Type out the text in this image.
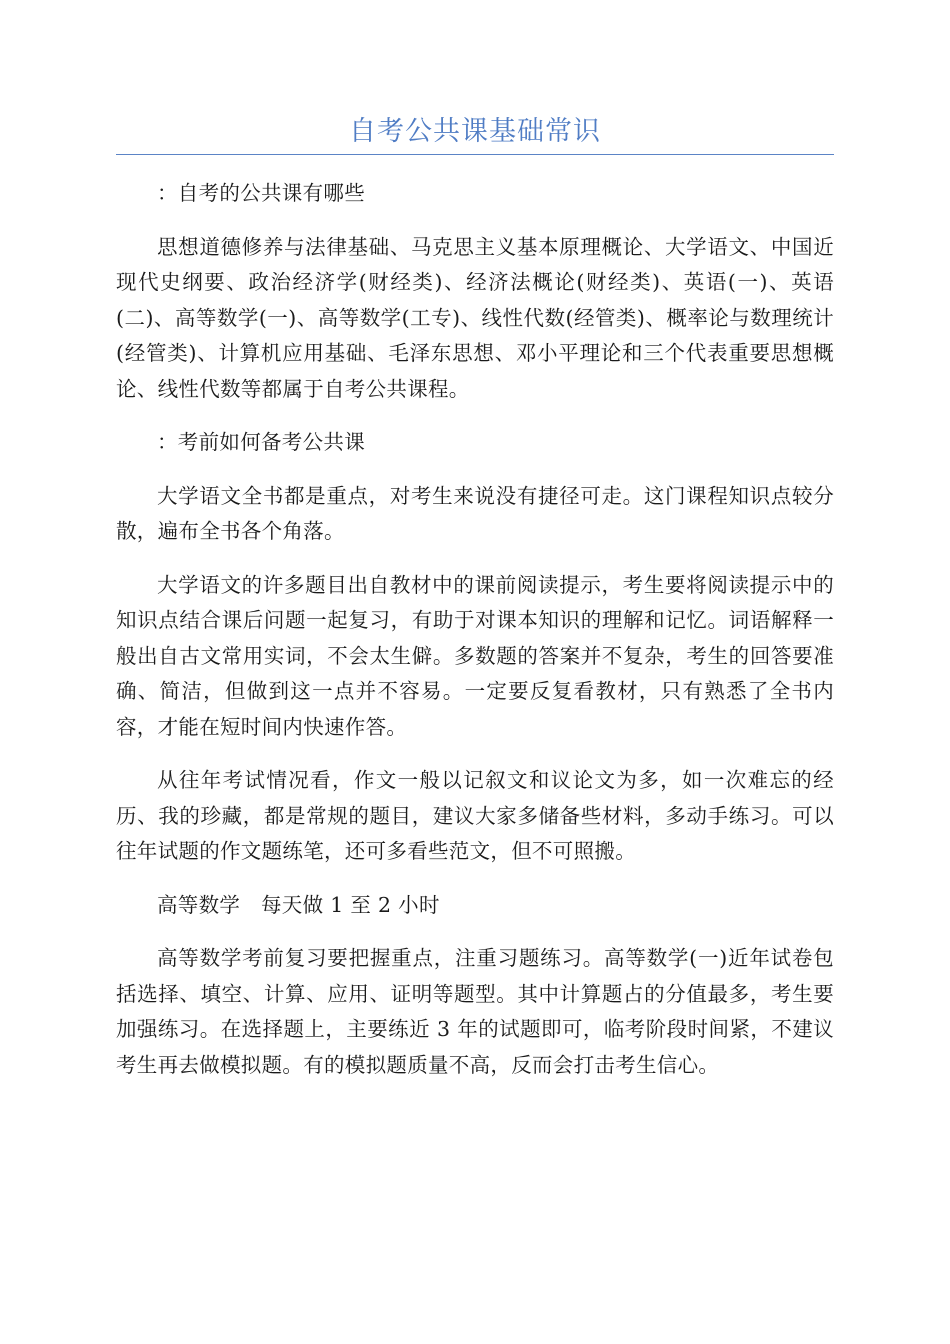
自考公共课基础常识

：自考的公共课有哪些

思想道德修养与法律基础、马克思主义基本原理概论、大学语文、中国近现代史纲要、政治经济学(财经类)、经济法概论(财经类)、英语(一)、英语(二)、高等数学(一)、高等数学(工专)、线性代数(经管类)、概率论与数理统计(经管类)、计算机应用基础、毛泽东思想、邓小平理论和三个代表重要思想概论、线性代数等都属于自考公共课程。

：考前如何备考公共课

大学语文全书都是重点，对考生来说没有捷径可走。这门课程知识点较分散，遍布全书各个角落。

大学语文的许多题目出自教材中的课前阅读提示，考生要将阅读提示中的知识点结合课后问题一起复习，有助于对课本知识的理解和记忆。词语解释一般出自古文常用实词，不会太生僻。多数题的答案并不复杂，考生的回答要准确、简洁，但做到这一点并不容易。一定要反复看教材，只有熟悉了全书内容，才能在短时间内快速作答。

从往年考试情况看，作文一般以记叙文和议论文为多，如一次难忘的经历、我的珍藏，都是常规的题目，建议大家多储备些材料，多动手练习。可以往年试题的作文题练笔，还可多看些范文，但不可照搬。

高等数学　每天做 1 至 2 小时

高等数学考前复习要把握重点，注重习题练习。高等数学(一)近年试卷包括选择、填空、计算、应用、证明等题型。其中计算题占的分值最多，考生要加强练习。在选择题上，主要练近 3 年的试题即可，临考阶段时间紧，不建议考生再去做模拟题。有的模拟题质量不高，反而会打击考生信心。
